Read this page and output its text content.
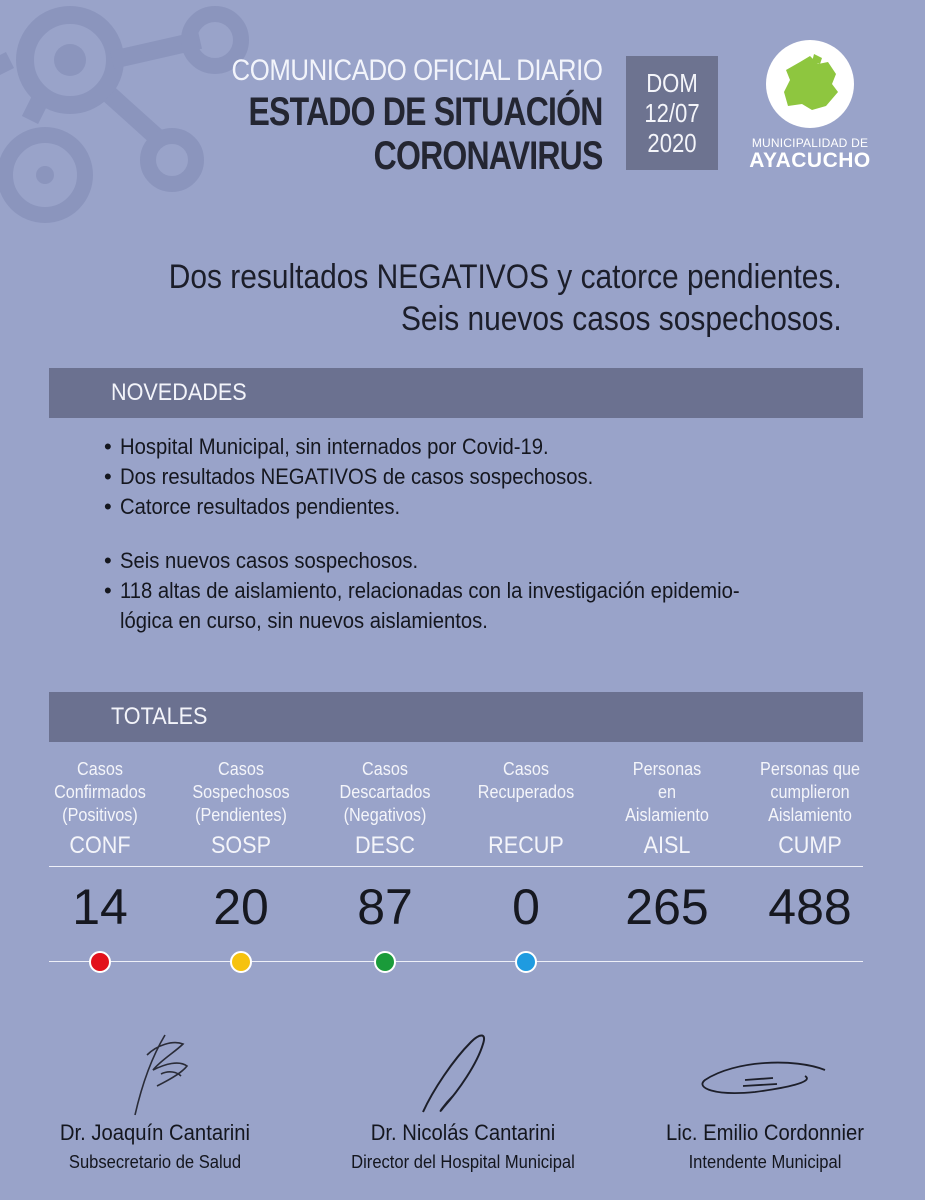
COMUNICADO OFICIAL DIARIO
ESTADO DE SITUACIÓN
CORONAVIRUS
DOM
12/07
2020	MUNICIPALIDAD DE
AYACUCHO
Dos resultados NEGATIVOS y catorce pendientes.
Seis nuevos casos sospechosos.
NOVEDADES
• Hospital Municipal, sin internados por Covid-19.
• Dos resultados NEGATIVOS de casos sospechosos.
• Catorce resultados pendientes.
• Seis nuevos casos sospechosos.
• 118 altas de aislamiento, relacionadas con la investigación epidemio-
lógica en curso, sin nuevos aislamientos.
TOTALES
Casos
Confirmados
(Positivos)
CONF
14
Casos
Sospechosos
(Pendientes)
SOSP
20
Casos
Descartados
(Negativos)
DESC
87
Casos
Recuperados
RECUP
0
Personas
en
Aislamiento
AISL
265
Personas que
cumplieron
Aislamiento
CUMP
488
Dr. Joaquín Cantarini
Subsecretario de Salud
Dr. Nicolás Cantarini
Director del Hospital Municipal
Lic. Emilio Cordonnier
Intendente Municipal
